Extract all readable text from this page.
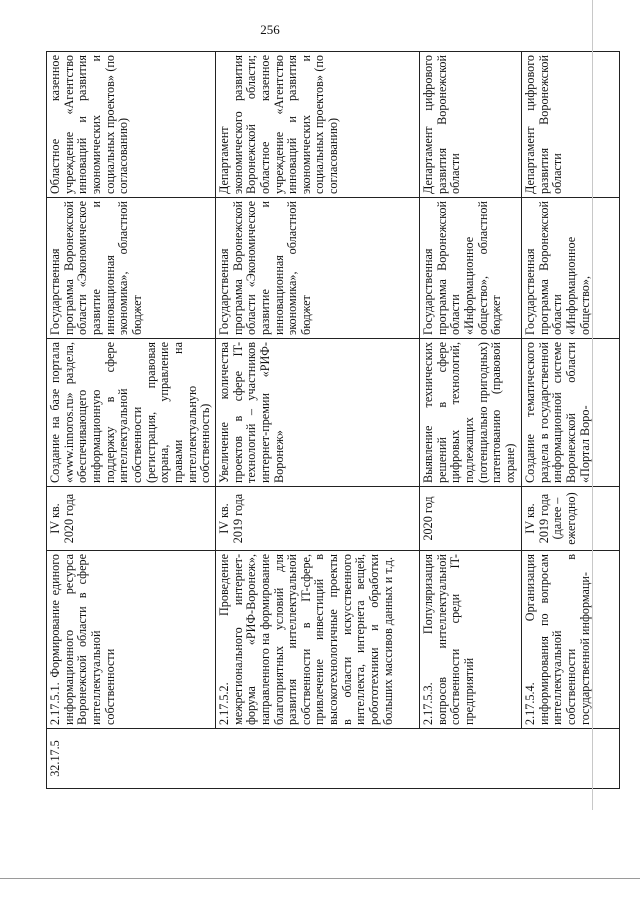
256
32.17.5	2.17.5.1. Формирование единого информационного ресурса Воронежской области в сфере интеллектуальной собственности	IV кв. 2020 года	Создание на базе портала «www.innoros.ru» раздела, обеспечивающего информационную поддержку в сфере интеллектуальной собственности (регистрация, правовая охрана, управление правами на интеллектуальную собственность)	Государственная программа Воронежской области «Экономическое развитие и инновационная экономика», областной бюджет	Областное казенное учреждение «Агентство инноваций и развития экономических и социальных проектов» (по согласованию)
	2.17.5.2. Проведение межрегионального интернет-форума «РИФ-Воронеж», направленного на формирование благоприятных условий для развития интеллектуальной собственности в IT-сфере, привлечение инвестиций в высокотехнологичные проекты в области искусственного интеллекта, интернета вещей, робототехники и обработки больших массивов данных и т.д.	IV кв. 2019 года	Увеличение количества проектов в сфере IT-технологий – участников интернет-премии «РИФ-Воронеж»	Государственная программа Воронежской области «Экономическое развитие и инновационная экономика», областной бюджет	Департамент экономического развития Воронежской области; областное казенное учреждение «Агентство инноваций и развития экономических и социальных проектов» (по согласованию)
	2.17.5.3. Популяризация вопросов интеллектуальной собственности среди IT-предприятий	2020 год	Выявление технических решений в сфере цифровых технологий, подлежащих (потенциально пригодных) патентованию (правовой охране)	Государственная программа Воронежской области «Информационное общество», областной бюджет	Департамент цифрового развития Воронежской области
	2.17.5.4. Организация информирования по вопросам интеллектуальной собственности в государственной информаци-	IV кв. 2019 года (далее – ежегодно)	Создание тематического раздела в государственной информационной системе Воронежской области «Портал Воро-	Государственная программа Воронежской области «Информационное общество»,	Департамент цифрового развития Воронежской области
